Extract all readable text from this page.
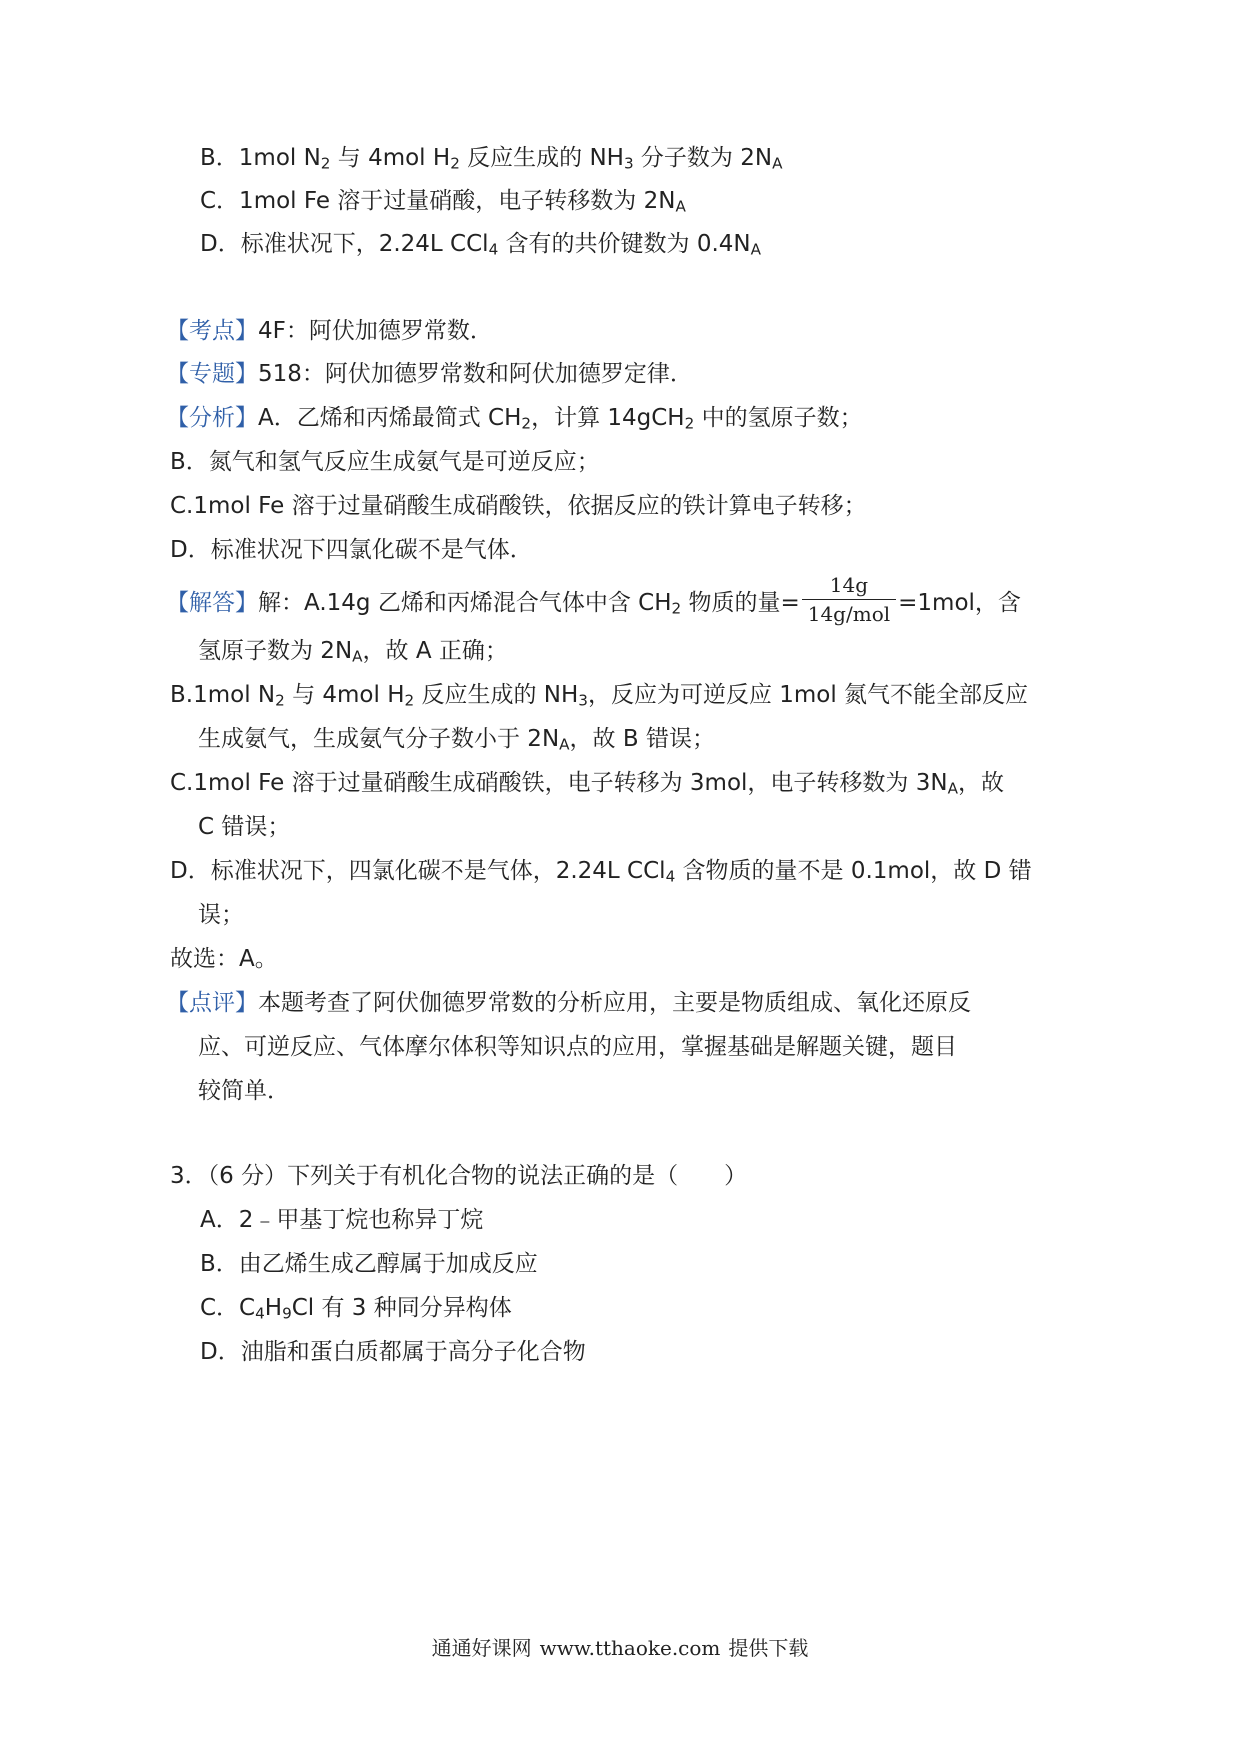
B．1mol $N_2$ 与 4mol $H_2$ 反应生成的 $NH_3$ 分子数为 $2N_A$
C．1mol Fe 溶于过量硝酸，电子转移数为 $2N_A$
D．标准状况下，2.24L CCl$_4$ 含有的共价键数为 $0.4N_A$
【考点】4F：阿伏加德罗常数．
【专题】518：阿伏加德罗常数和阿伏加德罗定律．
【分析】A．乙烯和丙烯最简式 $CH_2$，计算 14gCH$_2$ 中的氢原子数；
B．氮气和氢气反应生成氨气是可逆反应；
C.1mol Fe 溶于过量硝酸生成硝酸铁，依据反应的铁计算电子转移；
D．标准状况下四氯化碳不是气体．
【解答】解：A.14g 乙烯和丙烯混合气体中含 $CH_2$ 物质的量= $\frac{14g}{\text{14g/mol}} =1mol$，含
氢原子数为 $2N_A$，故 A 正确；
B.1mol $N_2$ 与 4mol $H_2$ 反应生成的 $NH_3$，反应为可逆反应 1mol 氮气不能全部反应
生成氨气，生成氨气分子数小于 $2N_A$，故 B 错误；
C.1mol Fe 溶于过量硝酸生成硝酸铁，电子转移为 3mol，电子转移数为 $3N_A$，故
C 错误；
D．标准状况下，四氯化碳不是气体，2.24L CCl$_4$ 含物质的量不是 0.1mol，故 D 错
误；
故选：A。
【点评】本题考查了阿伏伽德罗常数的分析应用，主要是物质组成、氧化还原反
应、可逆反应、气体摩尔体积等知识点的应用，掌握基础是解题关键，题目
较简单．
3．（6 分）下列关于有机化合物的说法正确的是（　　）
A．2﹣甲基丁烷也称异丁烷
B．由乙烯生成乙醇属于加成反应
C．$C_4H_9Cl$ 有 3 种同分异构体
D．油脂和蛋白质都属于高分子化合物
通通好课网 www.tthaoke.com 提供下载
